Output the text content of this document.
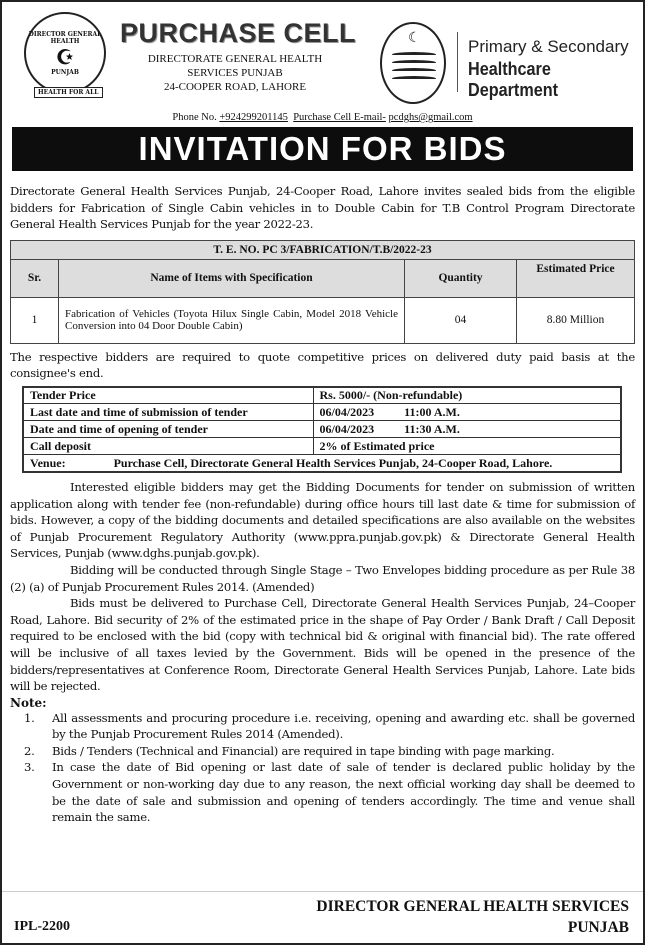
DIRECTOR GENERAL HEALTH
☪
PUNJAB
HEALTH FOR ALL
PURCHASE CELL
DIRECTORATE GENERAL HEALTH
SERVICES PUNJAB
24-COOPER ROAD, LAHORE
☾	Primary & Secondary
Healthcare Department
Phone No. +924299201145 Purchase Cell E-mail- pcdghs@gmail.com
INVITATION FOR BIDS

Directorate General Health Services Punjab, 24-Cooper Road, Lahore invites sealed bids from the eligible bidders for Fabrication of Single Cabin vehicles in to Double Cabin for T.B Control Program Directorate General Health Services Punjab for the year 2022-23.

T. E. NO. PC 3/FABRICATION/T.B/2022-23			
Sr.	Name of Items with Specification	Quantity	Estimated Price
1	Fabrication of Vehicles (Toyota Hilux Single Cabin, Model 2018 Vehicle Conversion into 04 Door Double Cabin)	04	8.80 Million

The respective bidders are required to quote competitive prices on delivered duty paid basis at the consignee's end.

Tender Price	Rs. 5000/- (Non-refundable)
Last date and time of submission of tender	06/04/2023 11:00 A.M.
Date and time of opening of tender	06/04/2023 11:30 A.M.
Call deposit	2% of Estimated price
Venue: Purchase Cell, Directorate General Health Services Punjab, 24-Cooper Road, Lahore.	

Interested eligible bidders may get the Bidding Documents for tender on submission of written application along with tender fee (non-refundable) during office hours till last date & time for submission of bids. However, a copy of the bidding documents and detailed specifications are also available on the websites of Punjab Procurement Regulatory Authority (www.ppra.punjab.gov.pk) & Directorate General Health Services, Punjab (www.dghs.punjab.gov.pk).

Bidding will be conducted through Single Stage – Two Envelopes bidding procedure as per Rule 38 (2) (a) of Punjab Procurement Rules 2014. (Amended)

Bids must be delivered to Purchase Cell, Directorate General Health Services Punjab, 24–Cooper Road, Lahore. Bid security of 2% of the estimated price in the shape of Pay Order / Bank Draft / Call Deposit required to be enclosed with the bid (copy with technical bid & original with financial bid). The rate offered will be inclusive of all taxes levied by the Government. Bids will be opened in the presence of the bidders/representatives at Conference Room, Directorate General Health Services Punjab, Lahore. Late bids will be rejected.

Note:
1. All assessments and procuring procedure i.e. receiving, opening and awarding etc. shall be governed by the Punjab Procurement Rules 2014 (Amended).
2. Bids / Tenders (Technical and Financial) are required in tape binding with page marking.
3. In case the date of Bid opening or last date of sale of tender is declared public holiday by the Government or non-working day due to any reason, the next official working day shall be deemed to be the date of sale and submission and opening of tenders accordingly. The time and venue shall remain the same.
IPL-2200
DIRECTOR GENERAL HEALTH SERVICES
PUNJAB
